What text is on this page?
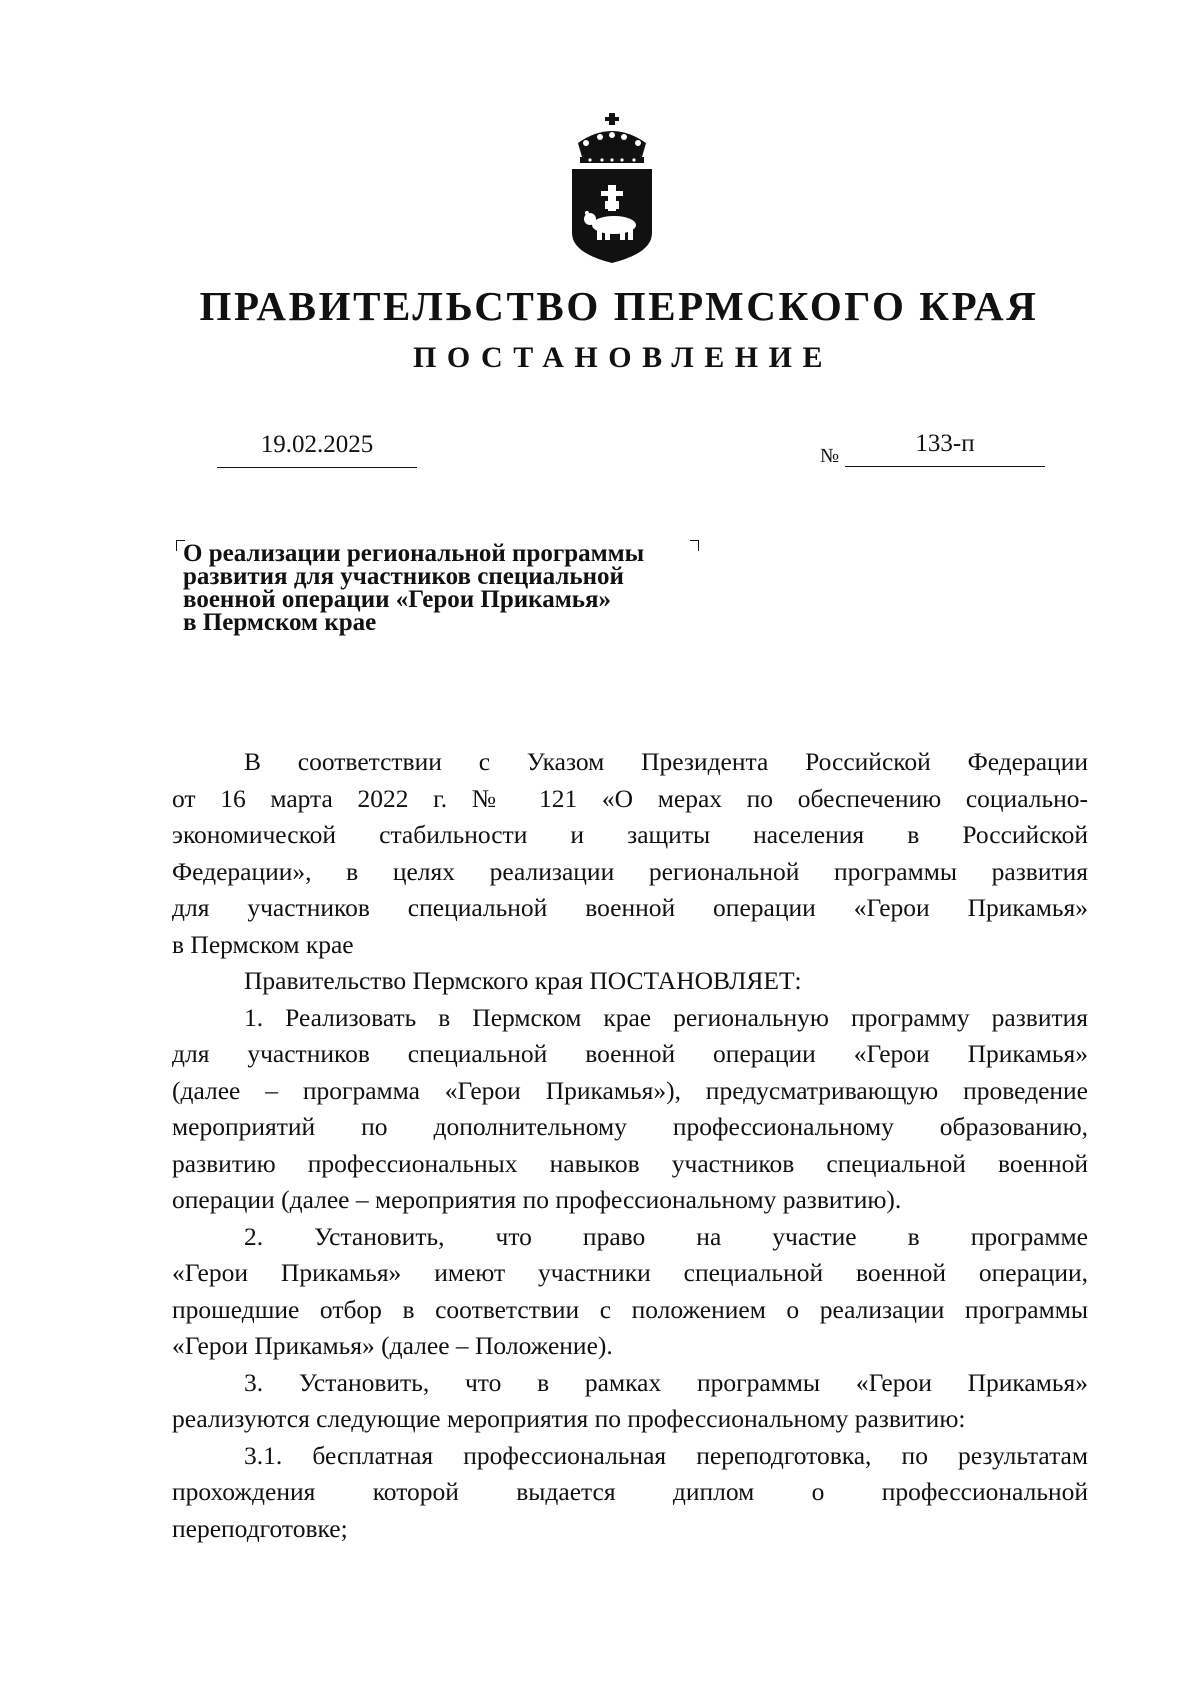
ПРАВИТЕЛЬСТВО ПЕРМСКОГО КРАЯ
ПОСТАНОВЛЕНИЕ
19.02.2025	№	133-п
О реализации региональной программы
развития для участников специальной
военной операции «Герои Прикамья»
в Пермском крае
В соответствии с Указом Президента Российской Федерации
от 16 марта 2022 г. № 121 «О мерах по обеспечению социально-
экономической стабильности и защиты населения в Российской
Федерации», в целях реализации региональной программы развития
для участников специальной военной операции «Герои Прикамья»
в Пермском крае
Правительство Пермского края ПОСТАНОВЛЯЕТ:
1. Реализовать в Пермском крае региональную программу развития
для участников специальной военной операции «Герои Прикамья»
(далее – программа «Герои Прикамья»), предусматривающую проведение
мероприятий по дополнительному профессиональному образованию,
развитию профессиональных навыков участников специальной военной
операции (далее – мероприятия по профессиональному развитию).
2. Установить, что право на участие в программе
«Герои Прикамья» имеют участники специальной военной операции,
прошедшие отбор в соответствии с положением о реализации программы
«Герои Прикамья» (далее – Положение).
3. Установить, что в рамках программы «Герои Прикамья»
реализуются следующие мероприятия по профессиональному развитию:
3.1. бесплатная профессиональная переподготовка, по результатам
прохождения которой выдается диплом о профессиональной
переподготовке;
